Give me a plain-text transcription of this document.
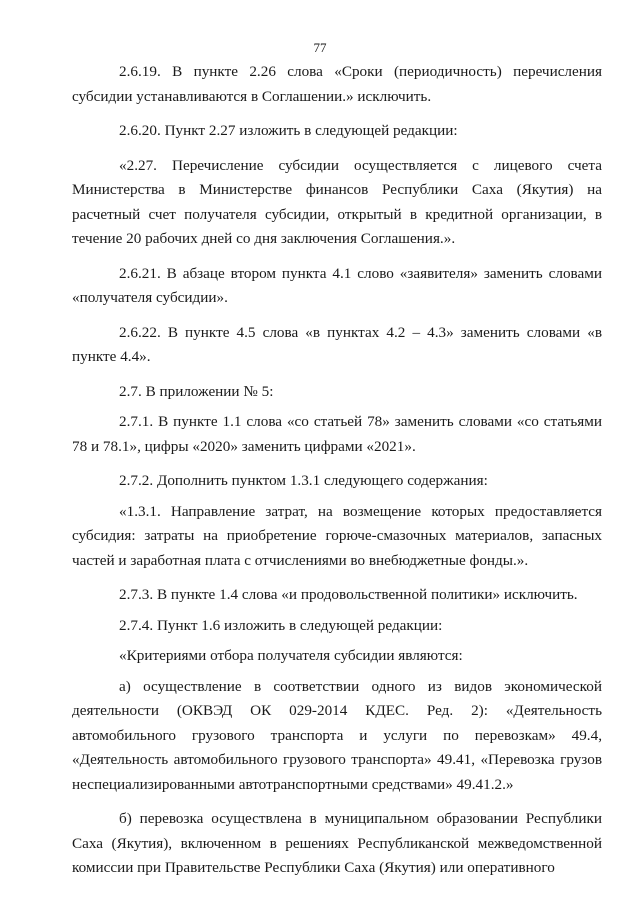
77

2.6.19. В пункте 2.26 слова «Сроки (периодичность) перечисления субсидии устанавливаются в Соглашении.» исключить.

2.6.20. Пункт 2.27 изложить в следующей редакции:

«2.27. Перечисление субсидии осуществляется с лицевого счета Министерства в Министерстве финансов Республики Саха (Якутия) на расчетный счет получателя субсидии, открытый в кредитной организации, в течение 20 рабочих дней со дня заключения Соглашения.».

2.6.21. В абзаце втором пункта 4.1 слово «заявителя» заменить словами «получателя субсидии».

2.6.22. В пункте 4.5 слова «в пунктах 4.2 – 4.3» заменить словами «в пункте 4.4».

2.7. В приложении № 5:

2.7.1. В пункте 1.1 слова «со статьей 78» заменить словами «со статьями 78 и 78.1», цифры «2020» заменить цифрами «2021».

2.7.2. Дополнить пунктом 1.3.1 следующего содержания:

«1.3.1. Направление затрат, на возмещение которых предоставляется субсидия: затраты на приобретение горюче-смазочных материалов, запасных частей и заработная плата с отчислениями во внебюджетные фонды.».

2.7.3. В пункте 1.4 слова «и продовольственной политики» исключить.

2.7.4. Пункт 1.6 изложить в следующей редакции:

«Критериями отбора получателя субсидии являются:

а) осуществление в соответствии одного из видов экономической деятельности (ОКВЭД ОК 029-2014 КДЕС. Ред. 2): «Деятельность автомобильного грузового транспорта и услуги по перевозкам» 49.4, «Деятельность автомобильного грузового транспорта» 49.41, «Перевозка грузов неспециализированными автотранспортными средствами» 49.41.2.»

б) перевозка осуществлена в муниципальном образовании Республики Саха (Якутия), включенном в решениях Республиканской межведомственной комиссии при Правительстве Республики Саха (Якутия) или оперативного
